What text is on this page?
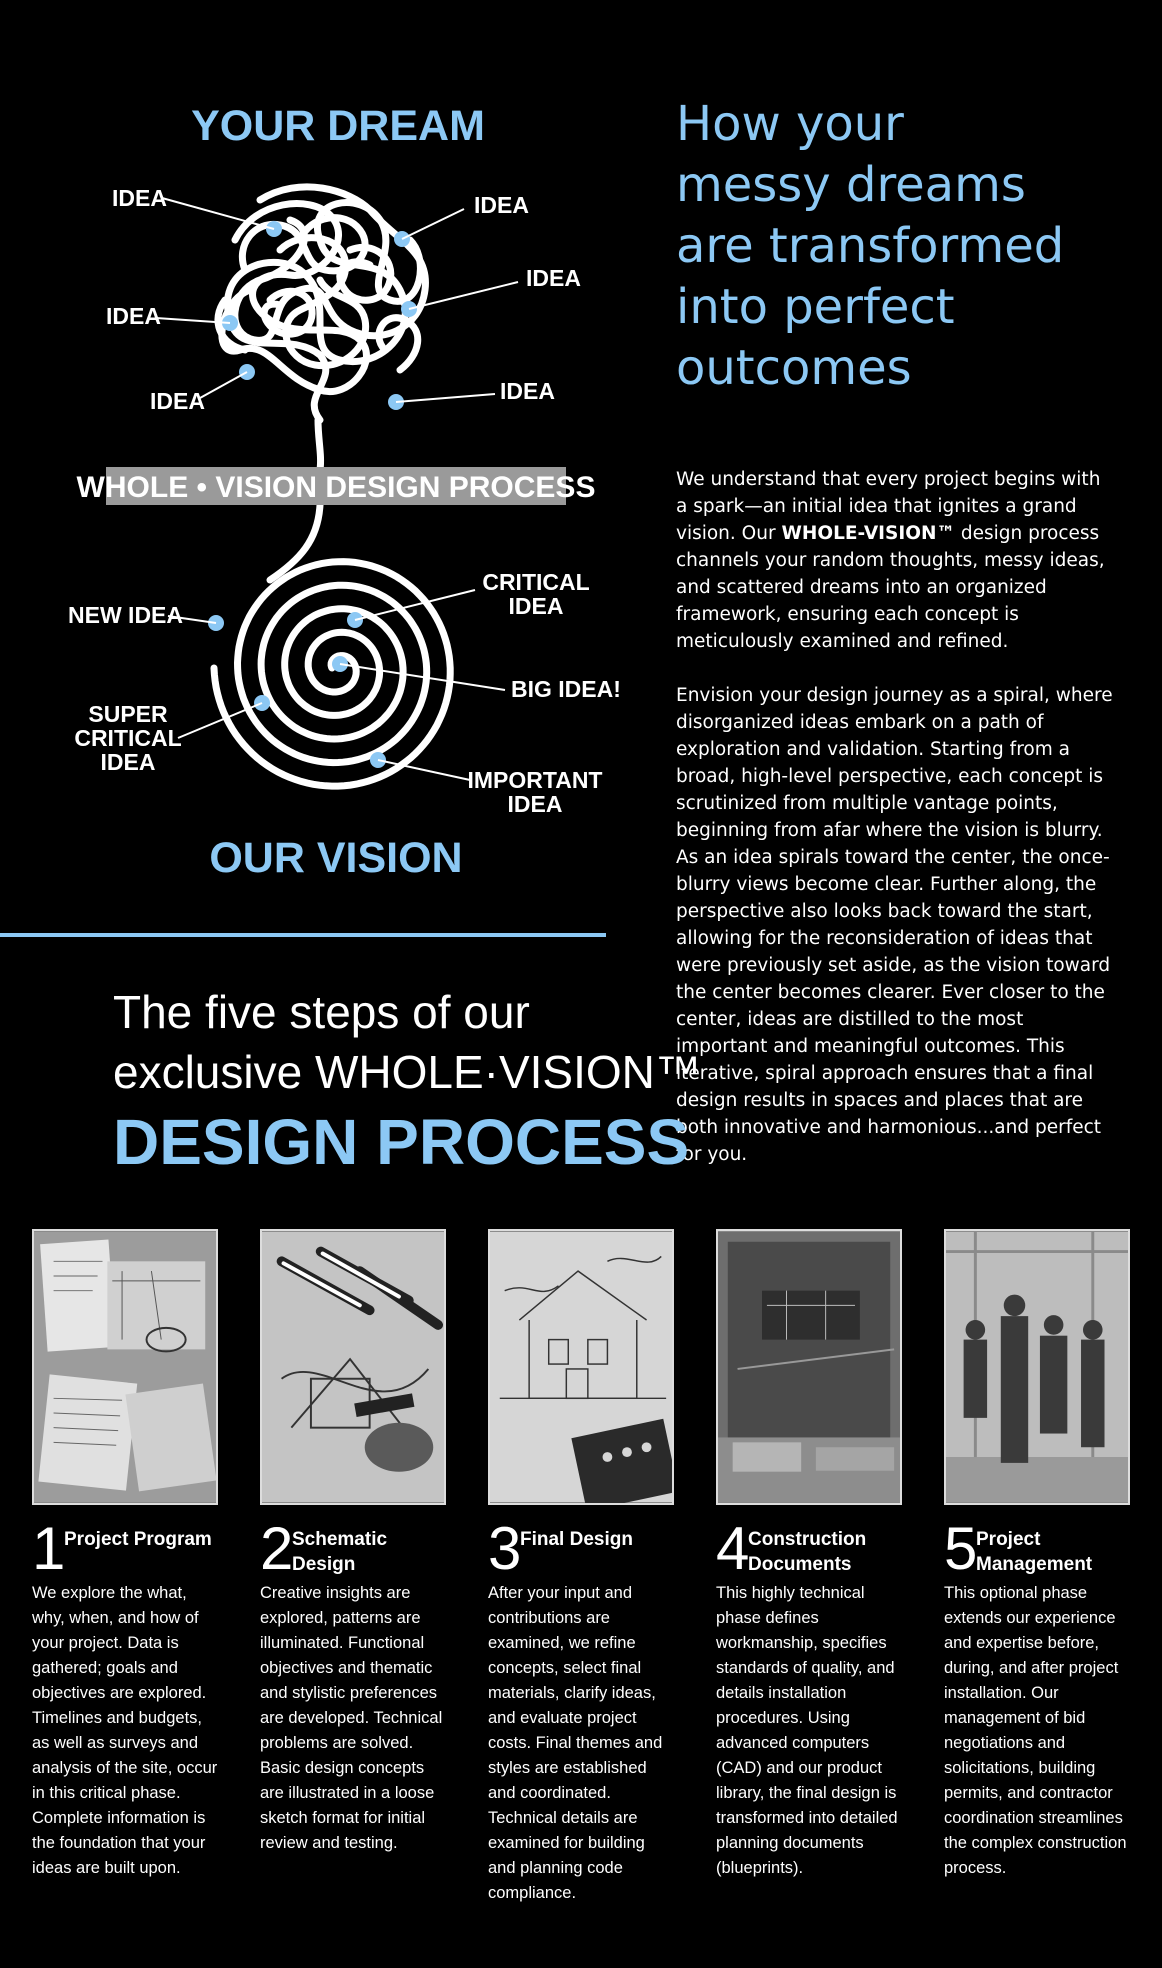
YOUR DREAM
IDEA	IDEA
IDEA
IDEA
IDEA	IDEA
WHOLE • VISION DESIGN PROCESS
NEW IDEA
CRITICAL
IDEA
BIG IDEA!
SUPER
CRITICAL
IDEA
IMPORTANT
IDEA
OUR VISION
How your
messy dreams
are transformed
into perfect
outcomes

We understand that every project begins with a spark—an initial idea that ignites a grand vision. Our WHOLE-VISION™ design process channels your random thoughts, messy ideas, and scattered dreams into an organized framework, ensuring each concept is meticulously examined and refined.

Envision your design journey as a spiral, where disorganized ideas embark on a path of exploration and validation. Starting from a broad, high-level perspective, each concept is scrutinized from multiple vantage points, beginning from afar where the vision is blurry. As an idea spirals toward the center, the once-blurry views become clear. Further along, the perspective also looks back toward the start, allowing for the reconsideration of ideas that were previously set aside, as the vision toward the center becomes clearer. Ever closer to the center, ideas are distilled to the most important and meaningful outcomes. This iterative, spiral approach ensures that a final design results in spaces and places that are both innovative and harmonious...and perfect for you.

The five steps of our
exclusive WHOLE·VISION™
DESIGN PROCESS
1
Project Program
We explore the what, why, when, and how of your project. Data is gathered; goals and objectives are explored. Timelines and budgets, as well as surveys and analysis of the site, occur in this critical phase. Complete information is the foundation that your ideas are built upon.
2
Schematic Design
Creative insights are explored, patterns are illuminated. Functional objectives and thematic and stylistic preferences are developed. Technical problems are solved. Basic design concepts are illustrated in a loose sketch format for initial review and testing.
3
Final Design
After your input and contributions are examined, we refine concepts, select final materials, clarify ideas, and evaluate project costs. Final themes and styles are established and coordinated. Technical details are examined for building and planning code compliance.
4
Construction Documents
This highly technical phase defines workmanship, specifies standards of quality, and details installation procedures. Using advanced computers (CAD) and our product library, the final design is transformed into detailed planning documents (blueprints).
5
Project Management
This optional phase extends our experience and expertise before, during, and after project installation. Our management of bid negotiations and solicitations, building permits, and contractor coordination streamlines the complex construction process.
